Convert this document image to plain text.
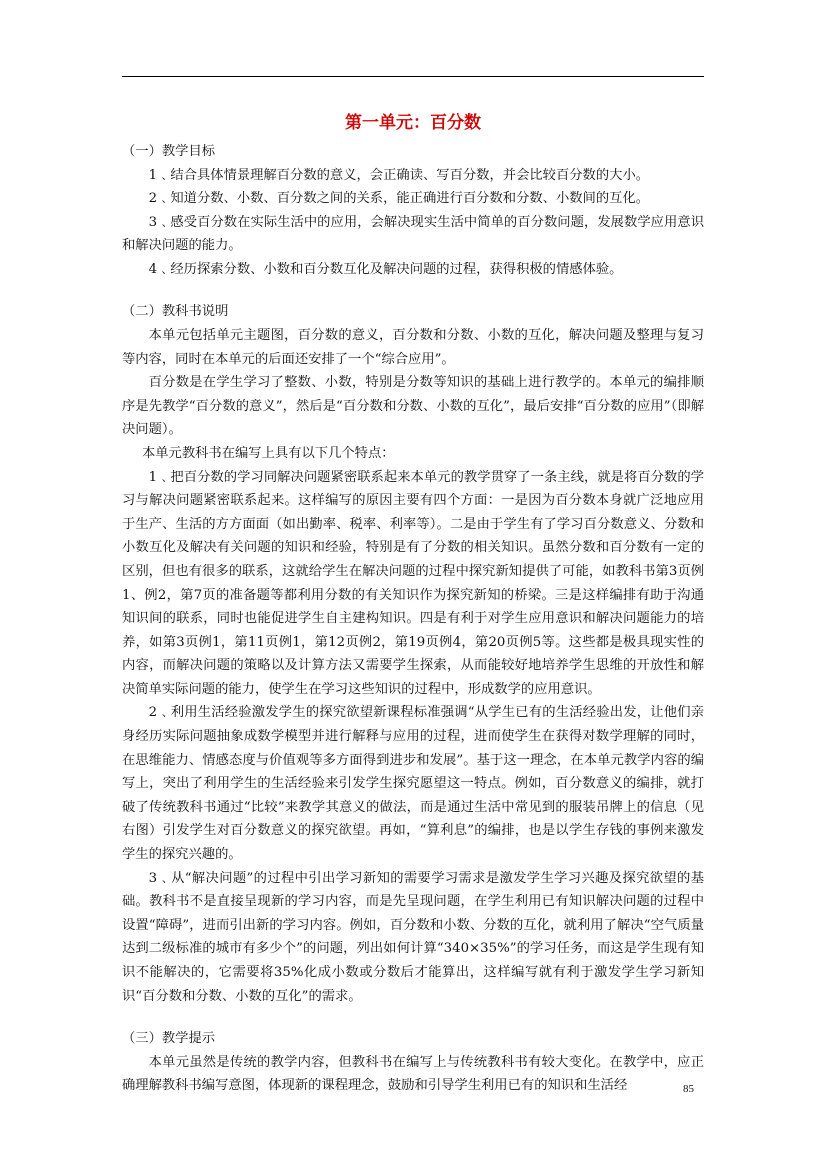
第一单元：百分数

（一）教学目标

1﹑结合具体情景理解百分数的意义，会正确读、写百分数，并会比较百分数的大小。

2﹑知道分数、小数、百分数之间的关系，能正确进行百分数和分数、小数间的互化。

3﹑感受百分数在实际生活中的应用，会解决现实生活中简单的百分数问题，发展数学应用意识和解决问题的能力。

4﹑经历探索分数、小数和百分数互化及解决问题的过程，获得积极的情感体验。

（二）教科书说明

本单元包括单元主题图，百分数的意义，百分数和分数、小数的互化，解决问题及整理与复习等内容，同时在本单元的后面还安排了一个“综合应用”。

百分数是在学生学习了整数、小数，特别是分数等知识的基础上进行教学的。本单元的编排顺序是先教学“百分数的意义”，然后是“百分数和分数、小数的互化”，最后安排“百分数的应用”（即解决问题）。

本单元教科书在编写上具有以下几个特点：

1﹑把百分数的学习同解决问题紧密联系起来本单元的教学贯穿了一条主线，就是将百分数的学习与解决问题紧密联系起来。这样编写的原因主要有四个方面：一是因为百分数本身就广泛地应用于生产、生活的方方面面（如出勤率、税率、利率等）。二是由于学生有了学习百分数意义、分数和小数互化及解决有关问题的知识和经验，特别是有了分数的相关知识。虽然分数和百分数有一定的区别，但也有很多的联系，这就给学生在解决问题的过程中探究新知提供了可能，如教科书第3页例1、例2，第7页的准备题等都利用分数的有关知识作为探究新知的桥梁。三是这样编排有助于沟通知识间的联系，同时也能促进学生自主建构知识。四是有利于对学生应用意识和解决问题能力的培养，如第3页例1，第11页例1，第12页例2，第19页例4，第20页例5等。这些都是极具现实性的内容，而解决问题的策略以及计算方法又需要学生探索，从而能较好地培养学生思维的开放性和解决简单实际问题的能力，使学生在学习这些知识的过程中，形成数学的应用意识。

2﹑利用生活经验激发学生的探究欲望新课程标准强调“从学生已有的生活经验出发，让他们亲身经历实际问题抽象成数学模型并进行解释与应用的过程，进而使学生在获得对数学理解的同时，在思维能力、情感态度与价值观等多方面得到进步和发展”。基于这一理念，在本单元教学内容的编写上，突出了利用学生的生活经验来引发学生探究愿望这一特点。例如，百分数意义的编排，就打破了传统教科书通过“比较”来教学其意义的做法，而是通过生活中常见到的服装吊牌上的信息（见右图）引发学生对百分数意义的探究欲望。再如，“算利息”的编排，也是以学生存钱的事例来激发学生的探究兴趣的。

3﹑从“解决问题”的过程中引出学习新知的需要学习需求是激发学生学习兴趣及探究欲望的基础。教科书不是直接呈现新的学习内容，而是先呈现问题，在学生利用已有知识解决问题的过程中设置“障碍”，进而引出新的学习内容。例如，百分数和小数、分数的互化，就利用了解决“空气质量达到二级标准的城市有多少个”的问题，列出如何计算“340×35%”的学习任务，而这是学生现有知识不能解决的，它需要将35%化成小数或分数后才能算出，这样编写就有利于激发学生学习新知识“百分数和分数、小数的互化”的需求。

（三）教学提示

本单元虽然是传统的教学内容，但教科书在编写上与传统教科书有较大变化。在教学中，应正确理解教科书编写意图，体现新的课程理念，鼓励和引导学生利用已有的知识和生活经	85
